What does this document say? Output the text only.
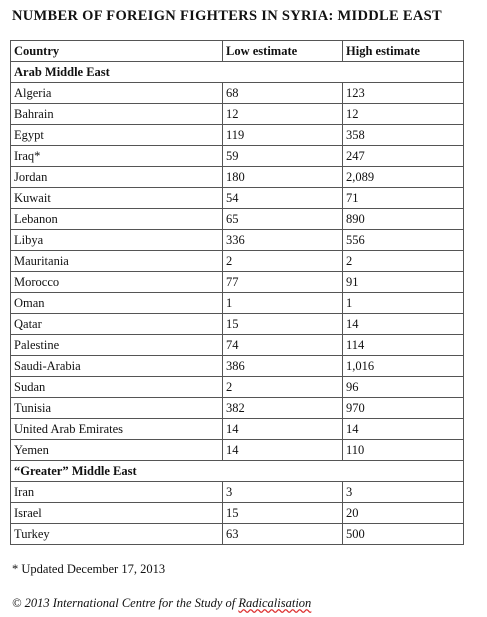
NUMBER OF FOREIGN FIGHTERS IN SYRIA: MIDDLE EAST
Country	Low estimate	High estimate
Arab Middle East		
Algeria	68	123
Bahrain	12	12
Egypt	119	358
Iraq*	59	247
Jordan	180	2,089
Kuwait	54	71
Lebanon	65	890
Libya	336	556
Mauritania	2	2
Morocco	77	91
Oman	1	1
Qatar	15	14
Palestine	74	114
Saudi-Arabia	386	1,016
Sudan	2	96
Tunisia	382	970
United Arab Emirates	14	14
Yemen	14	110
“Greater” Middle East		
Iran	3	3
Israel	15	20
Turkey	63	500
* Updated December 17, 2013
© 2013 International Centre for the Study of Radicalisation
